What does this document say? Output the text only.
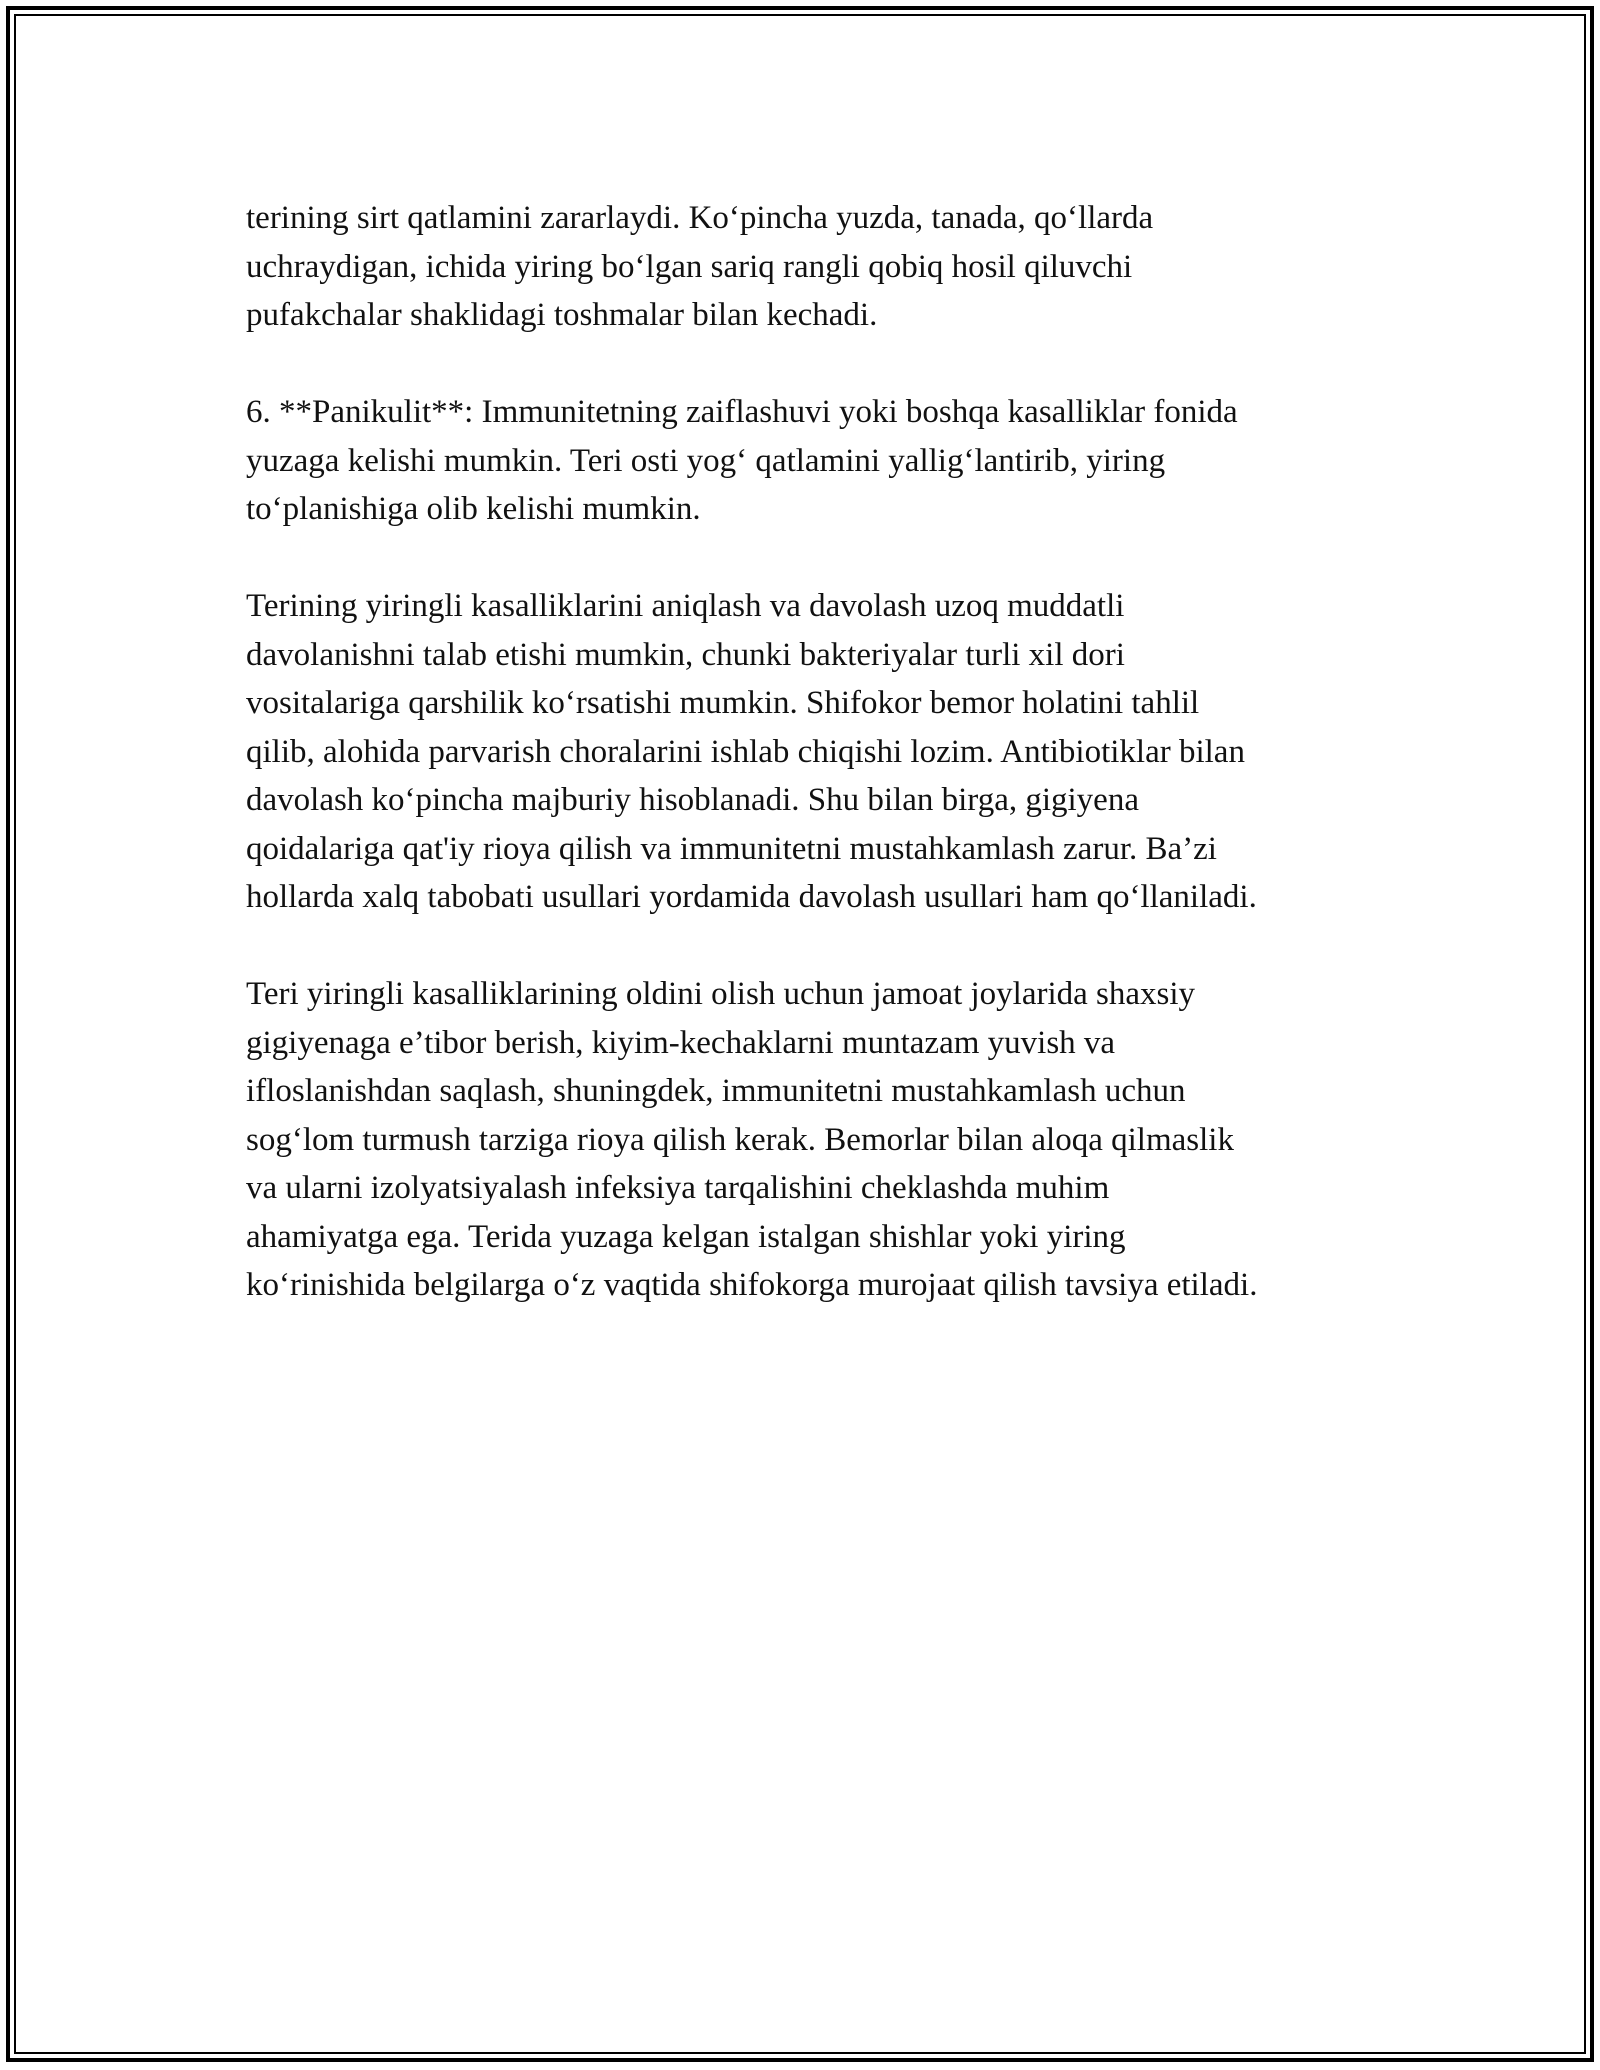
terining sirt qatlamini zararlaydi. Ko‘pincha yuzda, tanada, qo‘llarda
uchraydigan, ichida yiring bo‘lgan sariq rangli qobiq hosil qiluvchi
pufakchalar shaklidagi toshmalar bilan kechadi.

6. **Panikulit**: Immunitetning zaiflashuvi yoki boshqa kasalliklar fonida
yuzaga kelishi mumkin. Teri osti yog‘ qatlamini yallig‘lantirib, yiring
to‘planishiga olib kelishi mumkin.

Terining yiringli kasalliklarini aniqlash va davolash uzoq muddatli
davolanishni talab etishi mumkin, chunki bakteriyalar turli xil dori
vositalariga qarshilik ko‘rsatishi mumkin. Shifokor bemor holatini tahlil
qilib, alohida parvarish choralarini ishlab chiqishi lozim. Antibiotiklar bilan
davolash ko‘pincha majburiy hisoblanadi. Shu bilan birga, gigiyena
qoidalariga qat'iy rioya qilish va immunitetni mustahkamlash zarur. Ba’zi
hollarda xalq tabobati usullari yordamida davolash usullari ham qo‘llaniladi.

Teri yiringli kasalliklarining oldini olish uchun jamoat joylarida shaxsiy
gigiyenaga e’tibor berish, kiyim-kechaklarni muntazam yuvish va
ifloslanishdan saqlash, shuningdek, immunitetni mustahkamlash uchun
sog‘lom turmush tarziga rioya qilish kerak. Bemorlar bilan aloqa qilmaslik
va ularni izolyatsiyalash infeksiya tarqalishini cheklashda muhim
ahamiyatga ega. Terida yuzaga kelgan istalgan shishlar yoki yiring
ko‘rinishida belgilarga o‘z vaqtida shifokorga murojaat qilish tavsiya etiladi.
